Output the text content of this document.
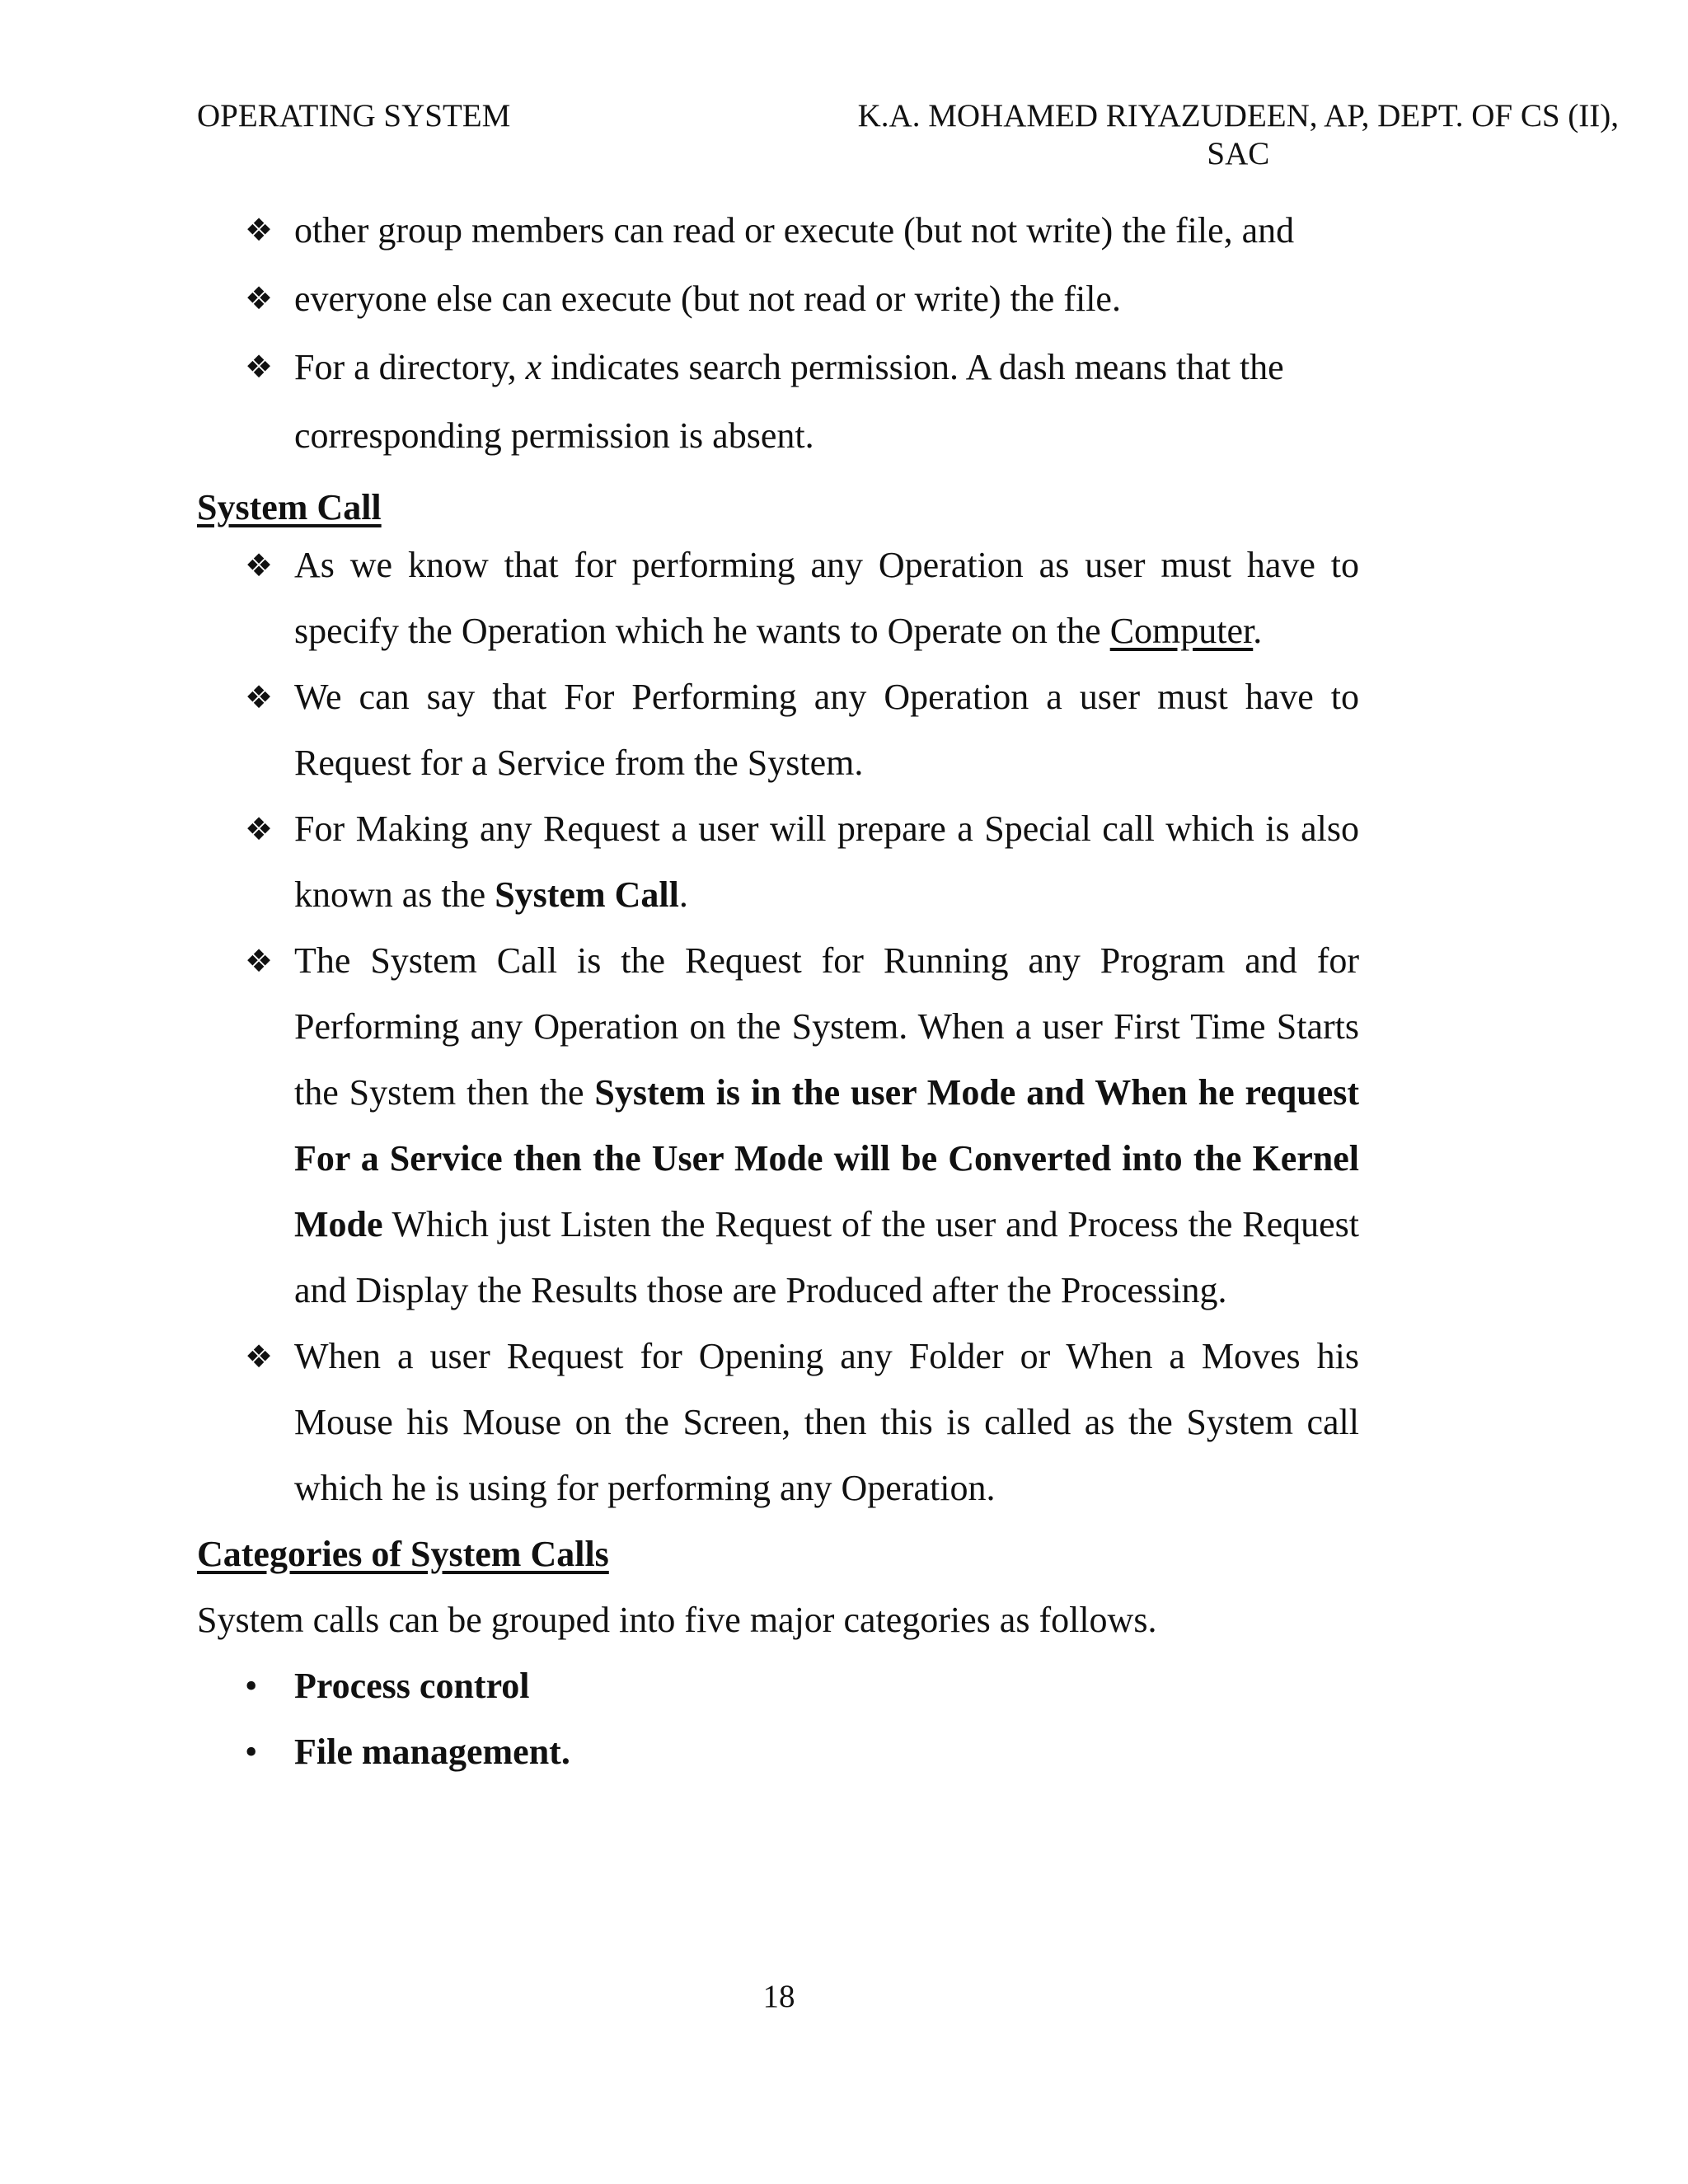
OPERATING SYSTEM	K.A. MOHAMED RIYAZUDEEN, AP, DEPT. OF CS (II),
SAC
❖ other group members can read or execute (but not write) the file, and
❖ everyone else can execute (but not read or write) the file.
❖ For a directory, x indicates search permission. A dash means that the corresponding permission is absent.
System Call
❖ As we know that for performing any Operation as user must have to specify the Operation which he wants to Operate on the Computer.
❖ We can say that For Performing any Operation a user must have to Request for a Service from the System.
❖ For Making any Request a user will prepare a Special call which is also known as the System Call.
❖ The System Call is the Request for Running any Program and for Performing any Operation on the System. When a user First Time Starts the System then the System is in the user Mode and When he request For a Service then the User Mode will be Converted into the Kernel Mode Which just Listen the Request of the user and Process the Request and Display the Results those are Produced after the Processing.
❖ When a user Request for Opening any Folder or When a Moves his Mouse his Mouse on the Screen, then this is called as the System call which he is using for performing any Operation.
Categories of System Calls

System calls can be grouped into five major categories as follows.

• Process control
• File management.
18
